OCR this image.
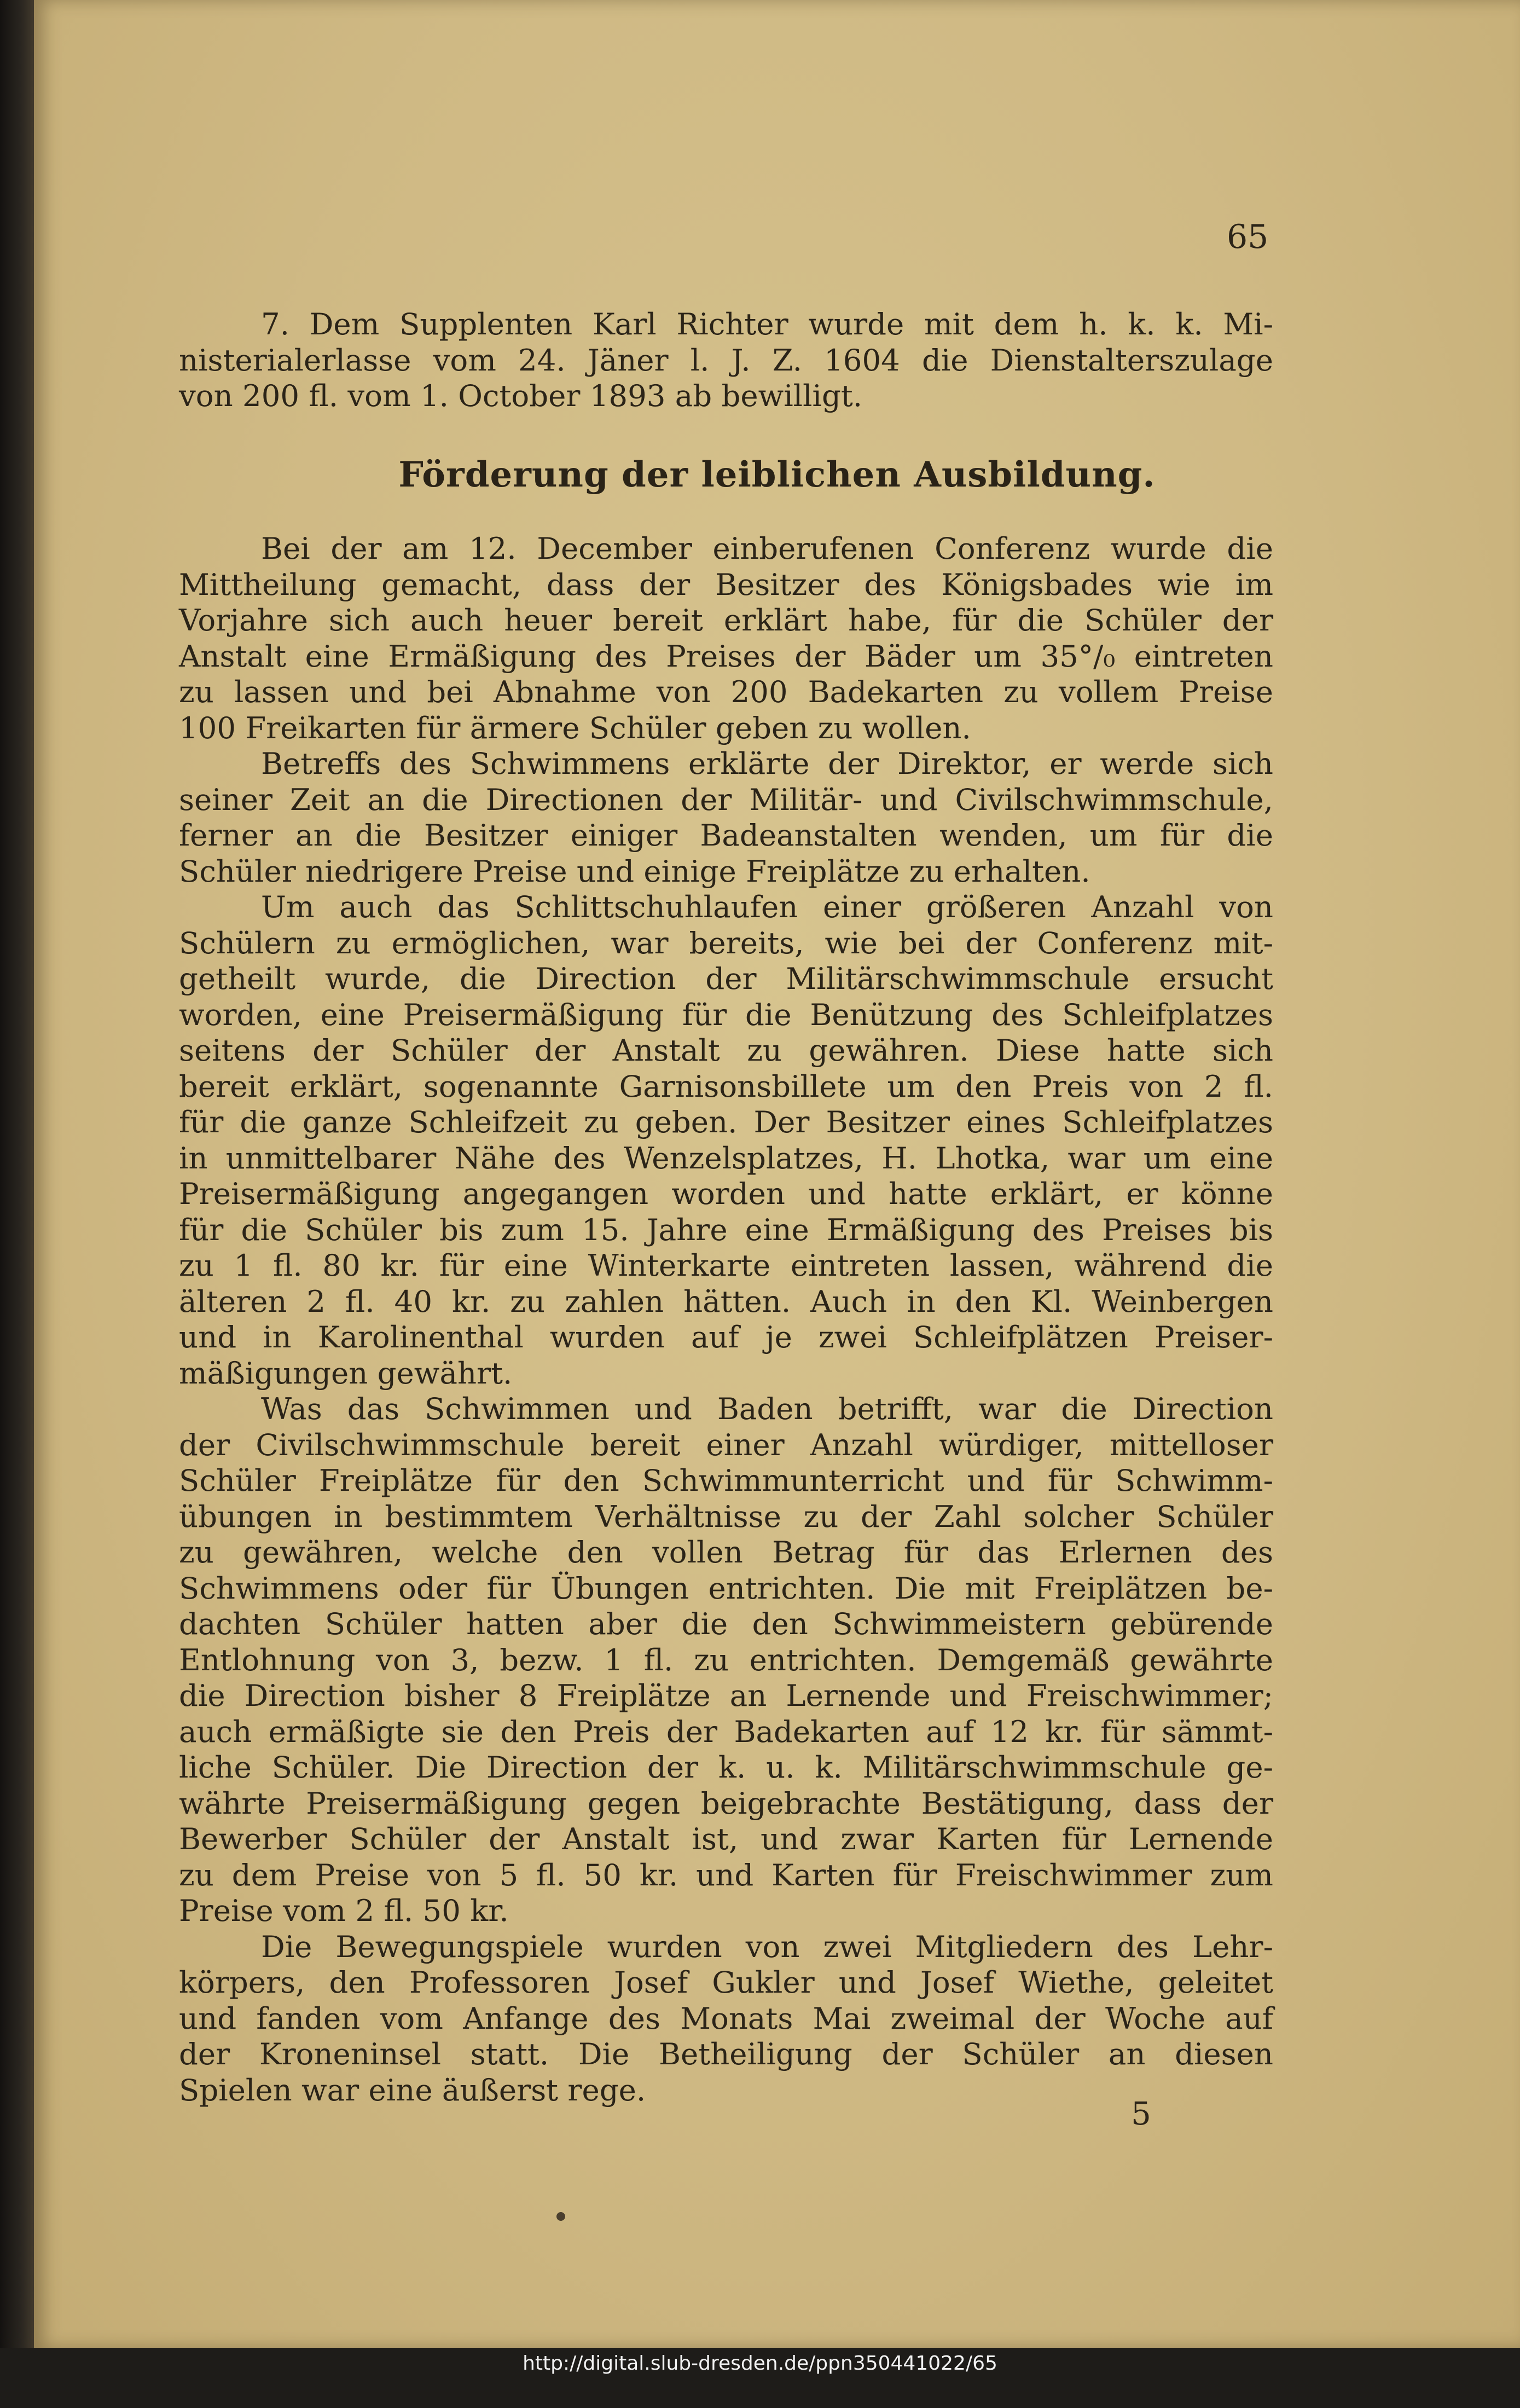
65
7. Dem Supplenten Karl Richter wurde mit dem h. k. k. Mi-
nisterialerlasse vom 24. Jäner l. J. Z. 1604 die Dienstalterszulage
von 200 fl. vom 1. October 1893 ab bewilligt.
Förderung der leiblichen Ausbildung.
Bei der am 12. December einberufenen Conferenz wurde die
Mittheilung gemacht, dass der Besitzer des Königsbades wie im
Vorjahre sich auch heuer bereit erklärt habe, für die Schüler der
Anstalt eine Ermäßigung des Preises der Bäder um 35°/₀ eintreten
zu lassen und bei Abnahme von 200 Badekarten zu vollem Preise
100 Freikarten für ärmere Schüler geben zu wollen.
Betreffs des Schwimmens erklärte der Direktor, er werde sich
seiner Zeit an die Directionen der Militär- und Civilschwimmschule,
ferner an die Besitzer einiger Badeanstalten wenden, um für die
Schüler niedrigere Preise und einige Freiplätze zu erhalten.
Um auch das Schlittschuhlaufen einer größeren Anzahl von
Schülern zu ermöglichen, war bereits, wie bei der Conferenz mit-
getheilt wurde, die Direction der Militärschwimmschule ersucht
worden, eine Preisermäßigung für die Benützung des Schleifplatzes
seitens der Schüler der Anstalt zu gewähren. Diese hatte sich
bereit erklärt, sogenannte Garnisonsbillete um den Preis von 2 fl.
für die ganze Schleifzeit zu geben. Der Besitzer eines Schleifplatzes
in unmittelbarer Nähe des Wenzelsplatzes, H. Lhotka, war um eine
Preisermäßigung angegangen worden und hatte erklärt, er könne
für die Schüler bis zum 15. Jahre eine Ermäßigung des Preises bis
zu 1 fl. 80 kr. für eine Winterkarte eintreten lassen, während die
älteren 2 fl. 40 kr. zu zahlen hätten. Auch in den Kl. Weinbergen
und in Karolinenthal wurden auf je zwei Schleifplätzen Preiser-
mäßigungen gewährt.
Was das Schwimmen und Baden betrifft, war die Direction
der Civilschwimmschule bereit einer Anzahl würdiger, mittelloser
Schüler Freiplätze für den Schwimmunterricht und für Schwimm-
übungen in bestimmtem Verhältnisse zu der Zahl solcher Schüler
zu gewähren, welche den vollen Betrag für das Erlernen des
Schwimmens oder für Übungen entrichten. Die mit Freiplätzen be-
dachten Schüler hatten aber die den Schwimmeistern gebürende
Entlohnung von 3, bezw. 1 fl. zu entrichten. Demgemäß gewährte
die Direction bisher 8 Freiplätze an Lernende und Freischwimmer;
auch ermäßigte sie den Preis der Badekarten auf 12 kr. für sämmt-
liche Schüler. Die Direction der k. u. k. Militärschwimmschule ge-
währte Preisermäßigung gegen beigebrachte Bestätigung, dass der
Bewerber Schüler der Anstalt ist, und zwar Karten für Lernende
zu dem Preise von 5 fl. 50 kr. und Karten für Freischwimmer zum
Preise vom 2 fl. 50 kr.
Die Bewegungspiele wurden von zwei Mitgliedern des Lehr-
körpers, den Professoren Josef Gukler und Josef Wiethe, geleitet
und fanden vom Anfange des Monats Mai zweimal der Woche auf
der Kroneninsel statt. Die Betheiligung der Schüler an diesen
Spielen war eine äußerst rege.
5
http://digital.slub-dresden.de/ppn350441022/65
